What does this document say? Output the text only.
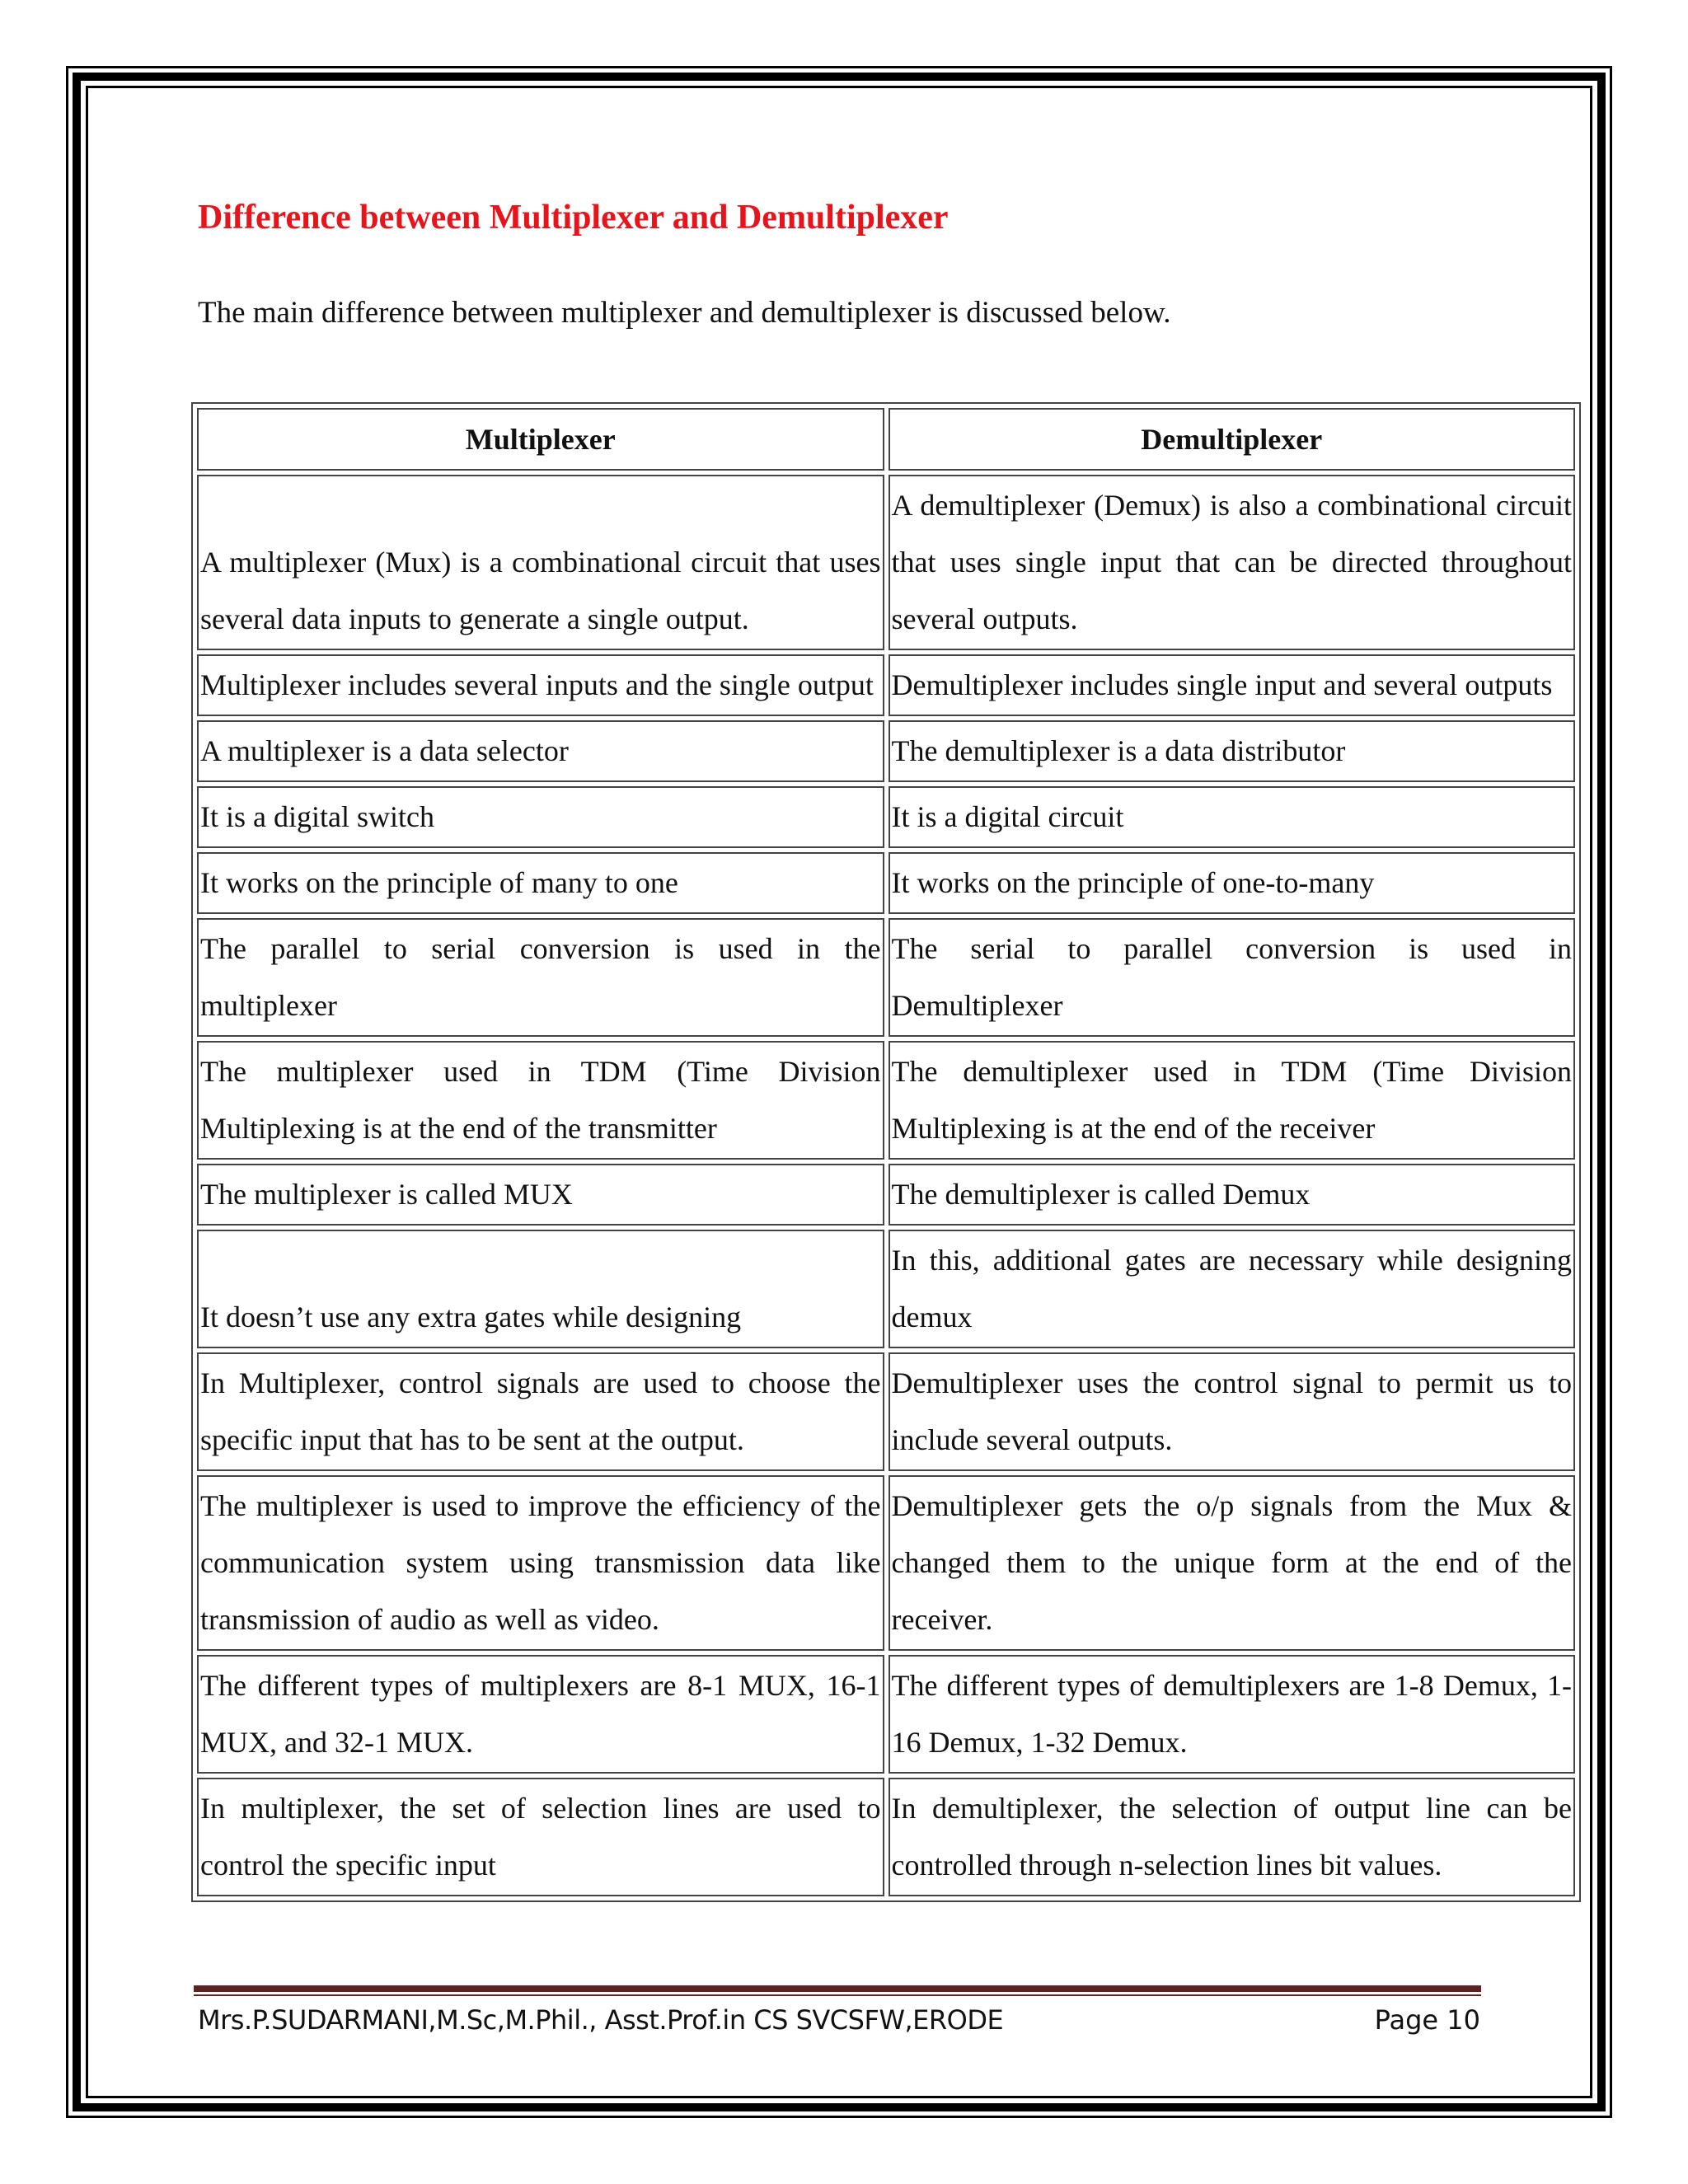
Difference between Multiplexer and Demultiplexer

The main difference between multiplexer and demultiplexer is discussed below.

Multiplexer	Demultiplexer
A multiplexer (Mux) is a combinational circuit that uses several data inputs to generate a single output.	A demultiplexer (Demux) is also a combinational circuit that uses single input that can be directed throughout several outputs.
Multiplexer includes several inputs and the single output	Demultiplexer includes single input and several outputs
A multiplexer is a data selector	The demultiplexer is a data distributor
It is a digital switch	It is a digital circuit
It works on the principle of many to one	It works on the principle of one-to-many
The parallel to serial conversion is used in the multiplexer	The serial to parallel conversion is used in Demultiplexer
The multiplexer used in TDM (Time Division Multiplexing is at the end of the transmitter	The demultiplexer used in TDM (Time Division Multiplexing is at the end of the receiver
The multiplexer is called MUX	The demultiplexer is called Demux
It doesn’t use any extra gates while designing	In this, additional gates are necessary while designing demux
In Multiplexer, control signals are used to choose the specific input that has to be sent at the output.	Demultiplexer uses the control signal to permit us to include several outputs.
The multiplexer is used to improve the efficiency of the communication system using transmission data like transmission of audio as well as video.	Demultiplexer gets the o/p signals from the Mux & changed them to the unique form at the end of the receiver.
The different types of multiplexers are 8-1 MUX, 16-1 MUX, and 32-1 MUX.	The different types of demultiplexers are 1-8 Demux, 1-16 Demux, 1-32 Demux.
In multiplexer, the set of selection lines are used to control the specific input	In demultiplexer, the selection of output line can be controlled through n-selection lines bit values.
Mrs.P.SUDARMANI,M.Sc,M.Phil., Asst.Prof.in CS SVCSFW,ERODE	Page 10
